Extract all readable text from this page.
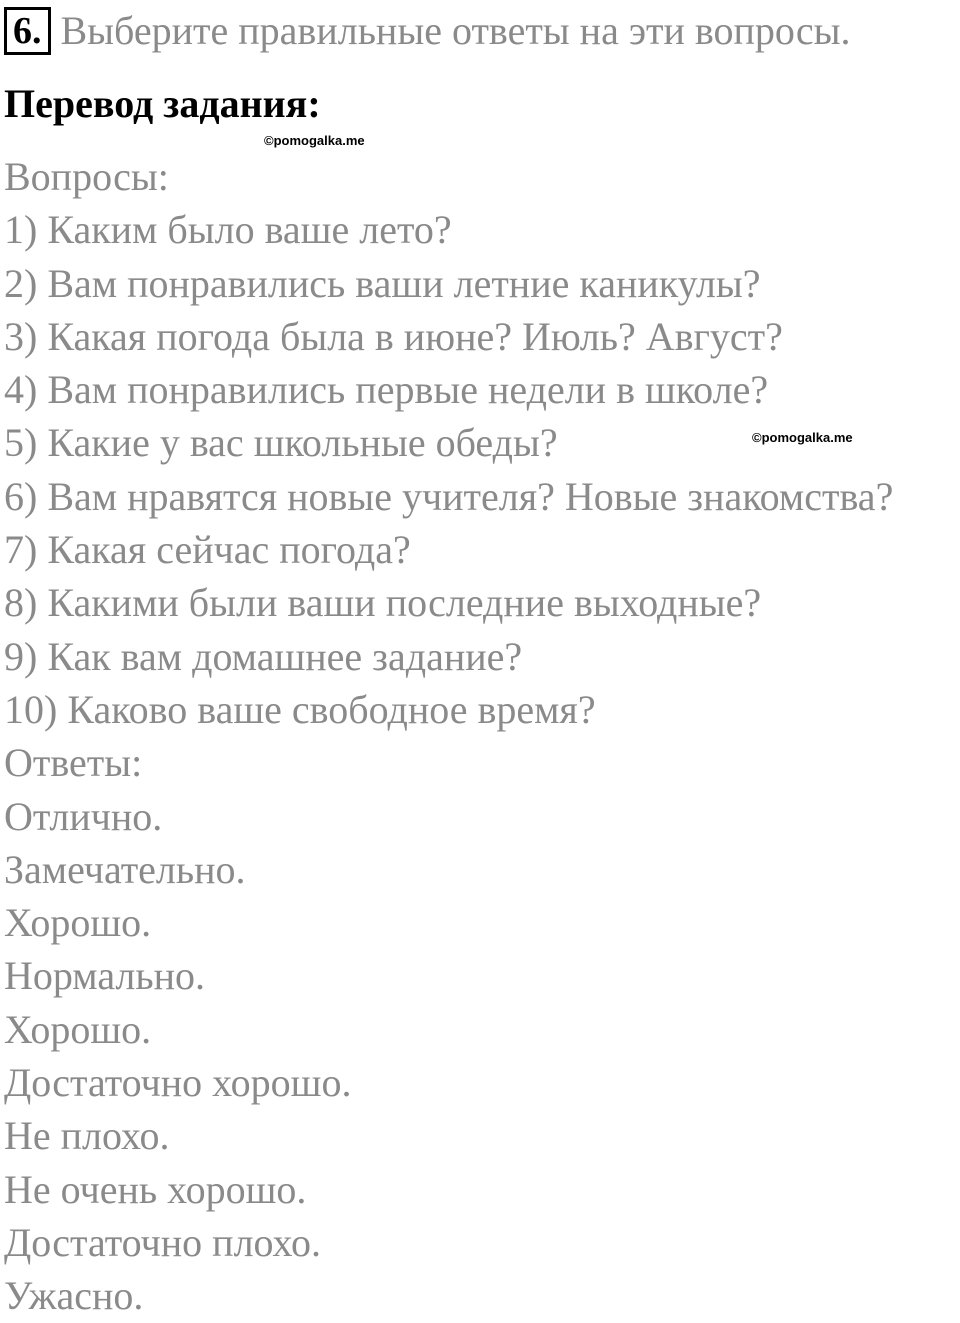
6. Выберите правильные ответы на эти вопросы.
Перевод задания:
©pomogalka.me
©pomogalka.me
Вопросы:
1) Каким было ваше лето?
2) Вам понравились ваши летние каникулы?
3) Какая погода была в июне? Июль? Август?
4) Вам понравились первые недели в школе?
5) Какие у вас школьные обеды?
6) Вам нравятся новые учителя? Новые знакомства?
7) Какая сейчас погода?
8) Какими были ваши последние выходные?
9) Как вам домашнее задание?
10) Каково ваше свободное время?
Ответы:
Отлично.
Замечательно.
Хорошо.
Нормально.
Хорошо.
Достаточно хорошо.
Не плохо.
Не очень хорошо.
Достаточно плохо.
Ужасно.
